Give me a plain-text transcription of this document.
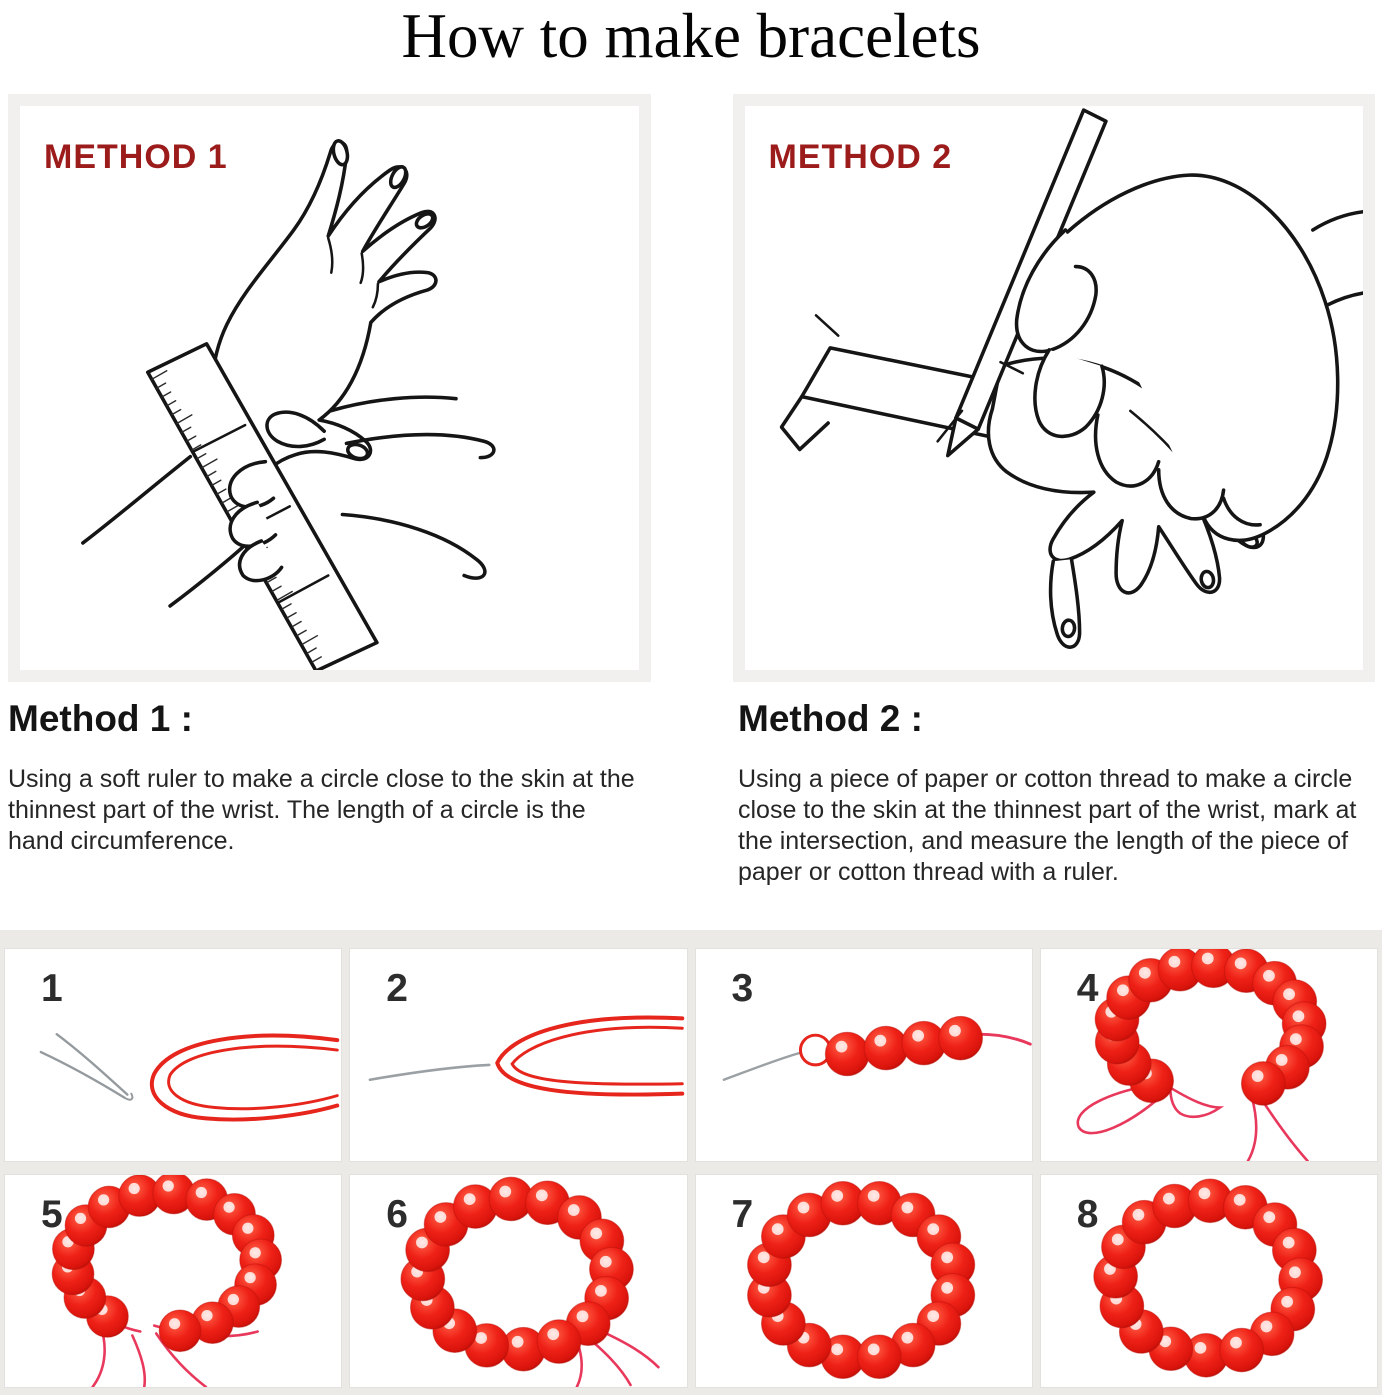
How to make bracelets
METHOD 1	METHOD 2
Method 1 :

Using a soft ruler to make a circle close to the skin at the thinnest part of the wrist. The length of a circle is the hand circumference.

Method 2 :

Using a piece of paper or cotton thread to make a circle close to the skin at the thinnest part of the wrist, mark at the intersection, and measure the length of the piece of paper or cotton thread with a ruler.

1	2	3	4
5	6	7	8
